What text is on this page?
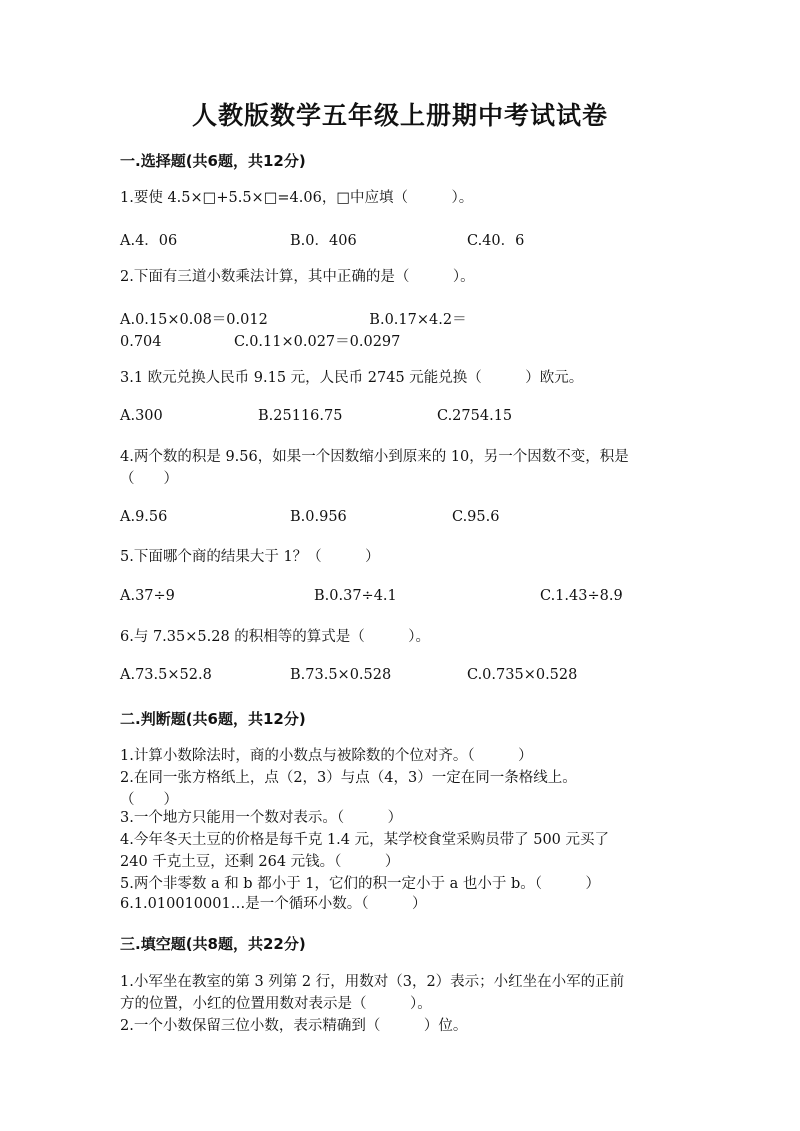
人教版数学五年级上册期中考试试卷
一.选择题(共6题，共12分)
1.要使 4.5×□+5.5×□=4.06，□中应填（　　　）。
A.4．06	B.0．406	C.40．6
2.下面有三道小数乘法计算，其中正确的是（　　　）。
A.0.15×0.08＝0.012　　　　　　　B.0.17×4.2＝
0.704　　　　　C.0.11×0.027＝0.0297
3.1 欧元兑换人民币 9.15 元，人民币 2745 元能兑换（　　　）欧元。
A.300	B.25116.75	C.2754.15
4.两个数的积是 9.56，如果一个因数缩小到原来的 10，另一个因数不变，积是
（　　）
A.9.56	B.0.956	C.95.6
5.下面哪个商的结果大于 1？（　　　）
A.37÷9	B.0.37÷4.1	C.1.43÷8.9
6.与 7.35×5.28 的积相等的算式是（　　　）。
A.73.5×52.8	B.73.5×0.528	C.0.735×0.528
二.判断题(共6题，共12分)
1.计算小数除法时，商的小数点与被除数的个位对齐。（　　　）
2.在同一张方格纸上，点（2，3）与点（4，3）一定在同一条格线上。
（　　）
3.一个地方只能用一个数对表示。（　　　）
4.今年冬天土豆的价格是每千克 1.4 元，某学校食堂采购员带了 500 元买了
240 千克土豆，还剩 264 元钱。（　　　）
5.两个非零数 a 和 b 都小于 1，它们的积一定小于 a 也小于 b。（　　　）
6.1.010010001…是一个循环小数。（　　　）
三.填空题(共8题，共22分)
1.小军坐在教室的第 3 列第 2 行，用数对（3，2）表示；小红坐在小军的正前
方的位置，小红的位置用数对表示是（　　　）。
2.一个小数保留三位小数，表示精确到（　　　）位。
